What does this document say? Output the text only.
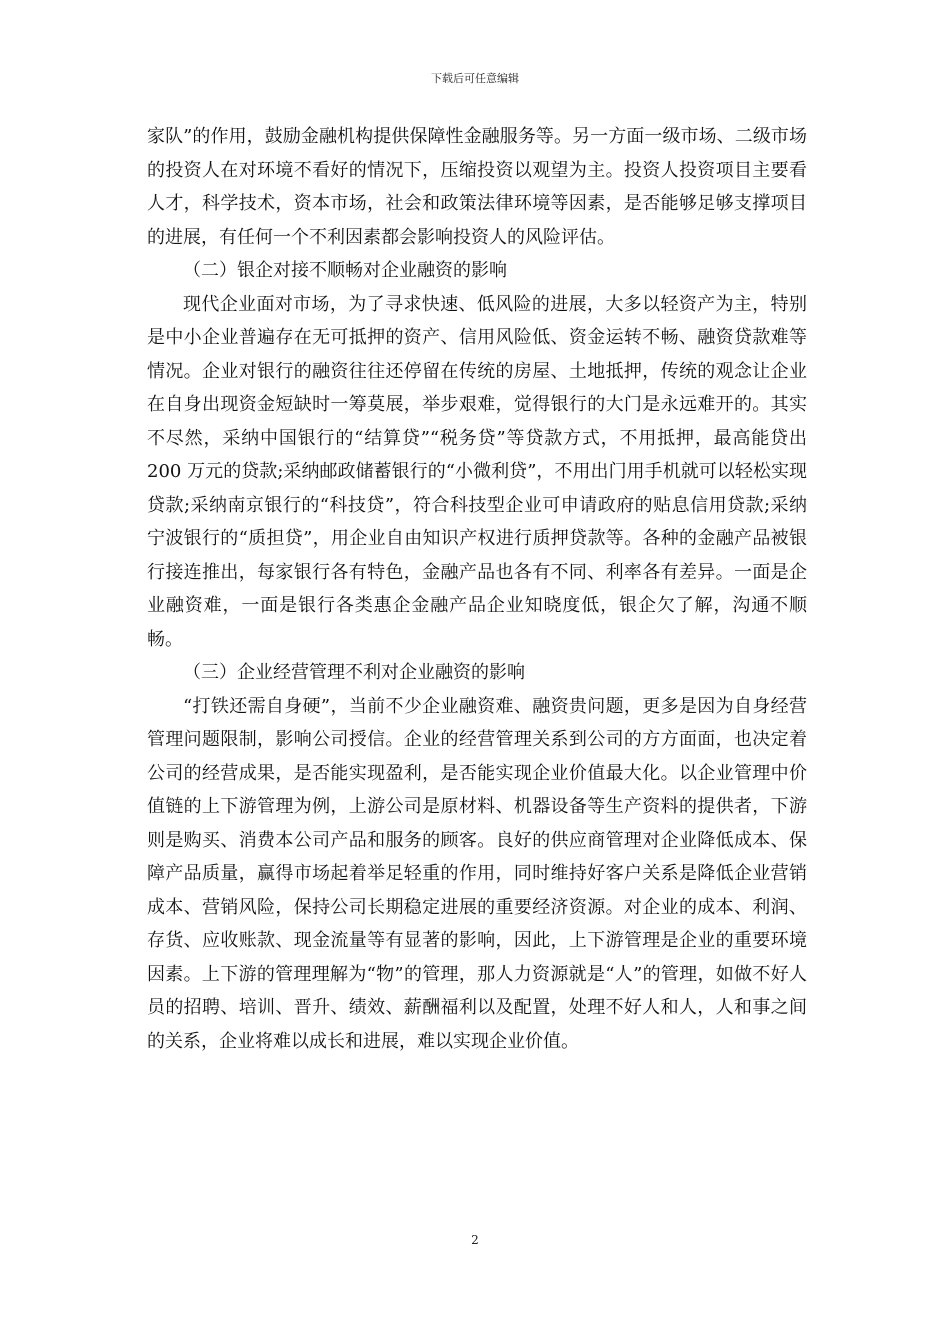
下载后可任意编辑

家队”的作用，鼓励金融机构提供保障性金融服务等。另一方面一级市场、二级市场的投资人在对环境不看好的情况下，压缩投资以观望为主。投资人投资项目主要看人才，科学技术，资本市场，社会和政策法律环境等因素，是否能够足够支撑项目的进展，有任何一个不利因素都会影响投资人的风险评估。

（二）银企对接不顺畅对企业融资的影响

现代企业面对市场，为了寻求快速、低风险的进展，大多以轻资产为主，特别是中小企业普遍存在无可抵押的资产、信用风险低、资金运转不畅、融资贷款难等情况。企业对银行的融资往往还停留在传统的房屋、土地抵押，传统的观念让企业在自身出现资金短缺时一筹莫展，举步艰难，觉得银行的大门是永远难开的。其实不尽然，采纳中国银行的“结算贷”“税务贷”等贷款方式，不用抵押，最高能贷出 200 万元的贷款;采纳邮政储蓄银行的“小微利贷”，不用出门用手机就可以轻松实现贷款;采纳南京银行的“科技贷”，符合科技型企业可申请政府的贴息信用贷款;采纳宁波银行的“质担贷”，用企业自由知识产权进行质押贷款等。各种的金融产品被银行接连推出，每家银行各有特色，金融产品也各有不同、利率各有差异。一面是企业融资难，一面是银行各类惠企金融产品企业知晓度低，银企欠了解，沟通不顺畅。

（三）企业经营管理不利对企业融资的影响

“打铁还需自身硬”，当前不少企业融资难、融资贵问题，更多是因为自身经营管理问题限制，影响公司授信。企业的经营管理关系到公司的方方面面，也决定着公司的经营成果，是否能实现盈利，是否能实现企业价值最大化。以企业管理中价值链的上下游管理为例，上游公司是原材料、机器设备等生产资料的提供者，下游则是购买、消费本公司产品和服务的顾客。良好的供应商管理对企业降低成本、保障产品质量，赢得市场起着举足轻重的作用，同时维持好客户关系是降低企业营销成本、营销风险，保持公司长期稳定进展的重要经济资源。对企业的成本、利润、存货、应收账款、现金流量等有显著的影响，因此，上下游管理是企业的重要环境因素。上下游的管理理解为“物”的管理，那人力资源就是“人”的管理，如做不好人员的招聘、培训、晋升、绩效、薪酬福利以及配置，处理不好人和人，人和事之间的关系，企业将难以成长和进展，难以实现企业价值。

2
